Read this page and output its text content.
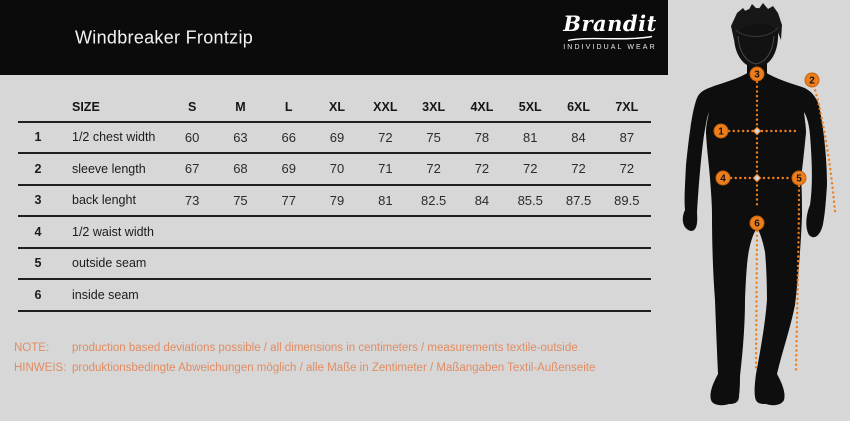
Windbreaker Frontzip
Brandit
INDIVIDUAL WEAR
SIZE	S	M	L	XL	XXL	3XL	4XL	5XL	6XL	7XL
1	1/2 chest width	60	63	66	69	72	75	78	81	84	87
2	sleeve length	67	68	69	70	71	72	72	72	72	72
3	back lenght	73	75	77	79	81	82.5	84	85.5	87.5	89.5
4	1/2 waist width
5	outside seam
6	inside seam
NOTE:	production based deviations possible / all dimensions in centimeters / measurements textile-outside
HINWEIS: produktionsbedingte Abweichungen möglich / alle Maße in Zentimeter / Maßangaben Textil-Außenseite
1
2
3
4	5
6
